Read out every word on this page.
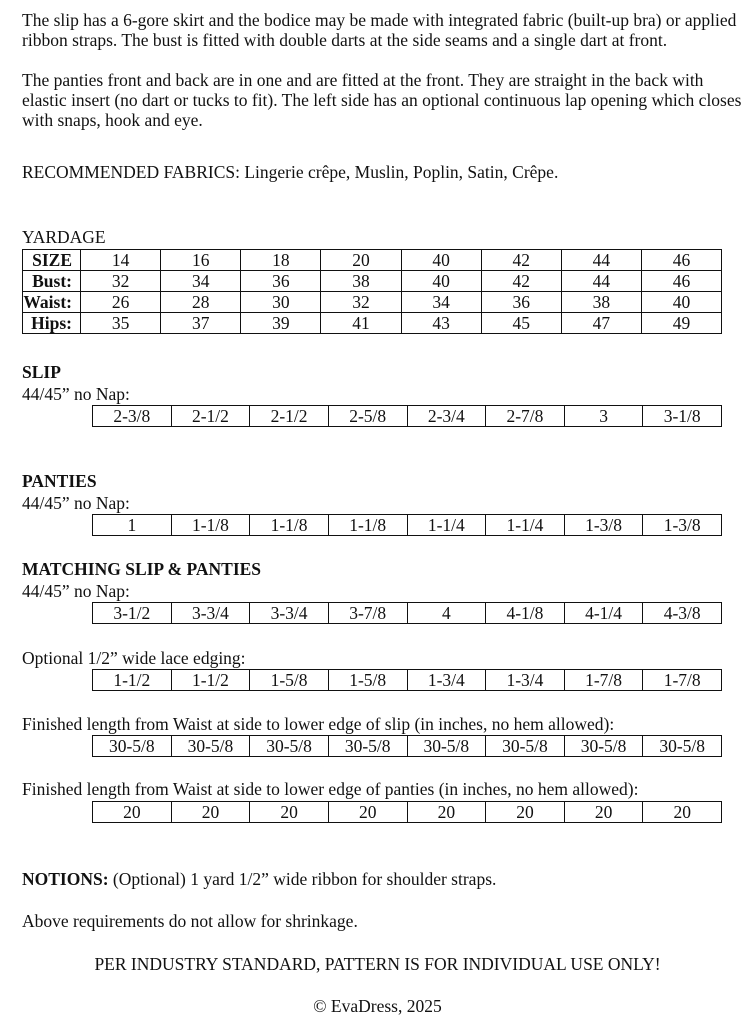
The slip has a 6-gore skirt and the bodice may be made with integrated fabric (built-up bra) or applied ribbon straps. The bust is fitted with double darts at the side seams and a single dart at front.
The panties front and back are in one and are fitted at the front. They are straight in the back with elastic insert (no dart or tucks to fit). The left side has an optional continuous lap opening which closes with snaps, hook and eye.
RECOMMENDED FABRICS: Lingerie crêpe, Muslin, Poplin, Satin, Crêpe.
YARDAGE
SIZE	14	16	18	20	40	42	44	46
Bust:	32	34	36	38	40	42	44	46
Waist:	26	28	30	32	34	36	38	40
Hips:	35	37	39	41	43	45	47	49
SLIP
44/45” no Nap:
2-3/8	2-1/2	2-1/2	2-5/8	2-3/4	2-7/8	3	3-1/8
PANTIES
44/45” no Nap:
1	1-1/8	1-1/8	1-1/8	1-1/4	1-1/4	1-3/8	1-3/8
MATCHING SLIP & PANTIES
44/45” no Nap:
3-1/2	3-3/4	3-3/4	3-7/8	4	4-1/8	4-1/4	4-3/8
Optional 1/2” wide lace edging:
1-1/2	1-1/2	1-5/8	1-5/8	1-3/4	1-3/4	1-7/8	1-7/8
Finished length from Waist at side to lower edge of slip (in inches, no hem allowed):
30-5/8	30-5/8	30-5/8	30-5/8	30-5/8	30-5/8	30-5/8	30-5/8
Finished length from Waist at side to lower edge of panties (in inches, no hem allowed):
20	20	20	20	20	20	20	20
NOTIONS: (Optional) 1 yard 1/2” wide ribbon for shoulder straps.
Above requirements do not allow for shrinkage.
PER INDUSTRY STANDARD, PATTERN IS FOR INDIVIDUAL USE ONLY!
© EvaDress, 2025
